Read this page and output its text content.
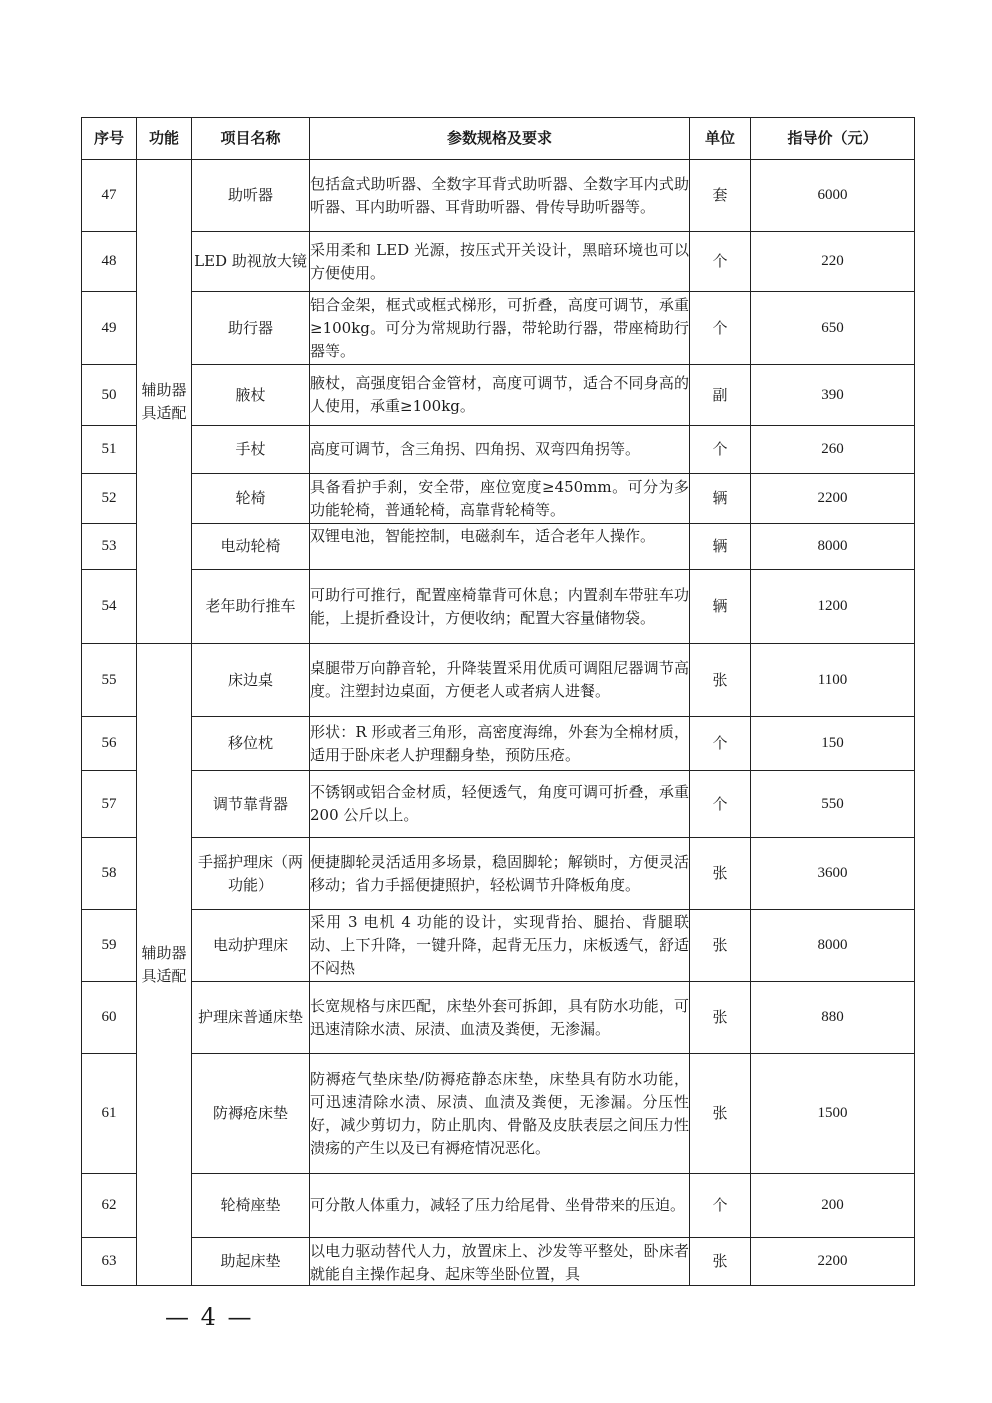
序号	功能	项目名称	参数规格及要求	单位	指导价（元）
47	辅助器具适配	助听器	包括盒式助听器、全数字耳背式助听器、全数字耳内式助听器、耳内助听器、耳背助听器、骨传导助听器等。	套	6000
48		LED 助视放大镜	采用柔和 LED 光源，按压式开关设计，黑暗环境也可以方便使用。	个	220
49		助行器	铝合金架，框式或框式梯形，可折叠，高度可调节，承重≥100kg。可分为常规助行器，带轮助行器，带座椅助行器等。	个	650
50		腋杖	腋杖，高强度铝合金管材，高度可调节，适合不同身高的人使用，承重≥100kg。	副	390
51		手杖	高度可调节，含三角拐、四角拐、双弯四角拐等。	个	260
52		轮椅	具备看护手刹，安全带，座位宽度≥450mm。可分为多功能轮椅，普通轮椅，高靠背轮椅等。	辆	2200
53		电动轮椅	双锂电池，智能控制，电磁刹车，适合老年人操作。	辆	8000
54		老年助行推车	可助行可推行，配置座椅靠背可休息；内置刹车带驻车功能，上提折叠设计，方便收纳；配置大容量储物袋。	辆	1200
55	辅助器具适配	床边桌	桌腿带万向静音轮，升降装置采用优质可调阻尼器调节高度。注塑封边桌面，方便老人或者病人进餐。	张	1100
56		移位枕	形状：R 形或者三角形，高密度海绵，外套为全棉材质，适用于卧床老人护理翻身垫，预防压疮。	个	150
57		调节靠背器	不锈钢或铝合金材质，轻便透气，角度可调可折叠，承重 200 公斤以上。	个	550
58		手摇护理床（两功能）	便捷脚轮灵活适用多场景，稳固脚轮；解锁时，方便灵活移动；省力手摇便捷照护，轻松调节升降板角度。	张	3600
59		电动护理床	采用 3 电机 4 功能的设计，实现背抬、腿抬、背腿联动、上下升降，一键升降，起背无压力，床板透气，舒适不闷热	张	8000
60		护理床普通床垫	长宽规格与床匹配，床垫外套可拆卸，具有防水功能，可迅速清除水渍、尿渍、血渍及粪便，无渗漏。	张	880
61		防褥疮床垫	防褥疮气垫床垫/防褥疮静态床垫，床垫具有防水功能，可迅速清除水渍、尿渍、血渍及粪便，无渗漏。分压性好，减少剪切力，防止肌肉、骨骼及皮肤表层之间压力性溃疡的产生以及已有褥疮情况恶化。	张	1500
62		轮椅座垫	可分散人体重力，减轻了压力给尾骨、坐骨带来的压迫。	个	200
63		助起床垫	以电力驱动替代人力，放置床上、沙发等平整处，卧床者就能自主操作起身、起床等坐卧位置，具	张	2200
— 4 —
